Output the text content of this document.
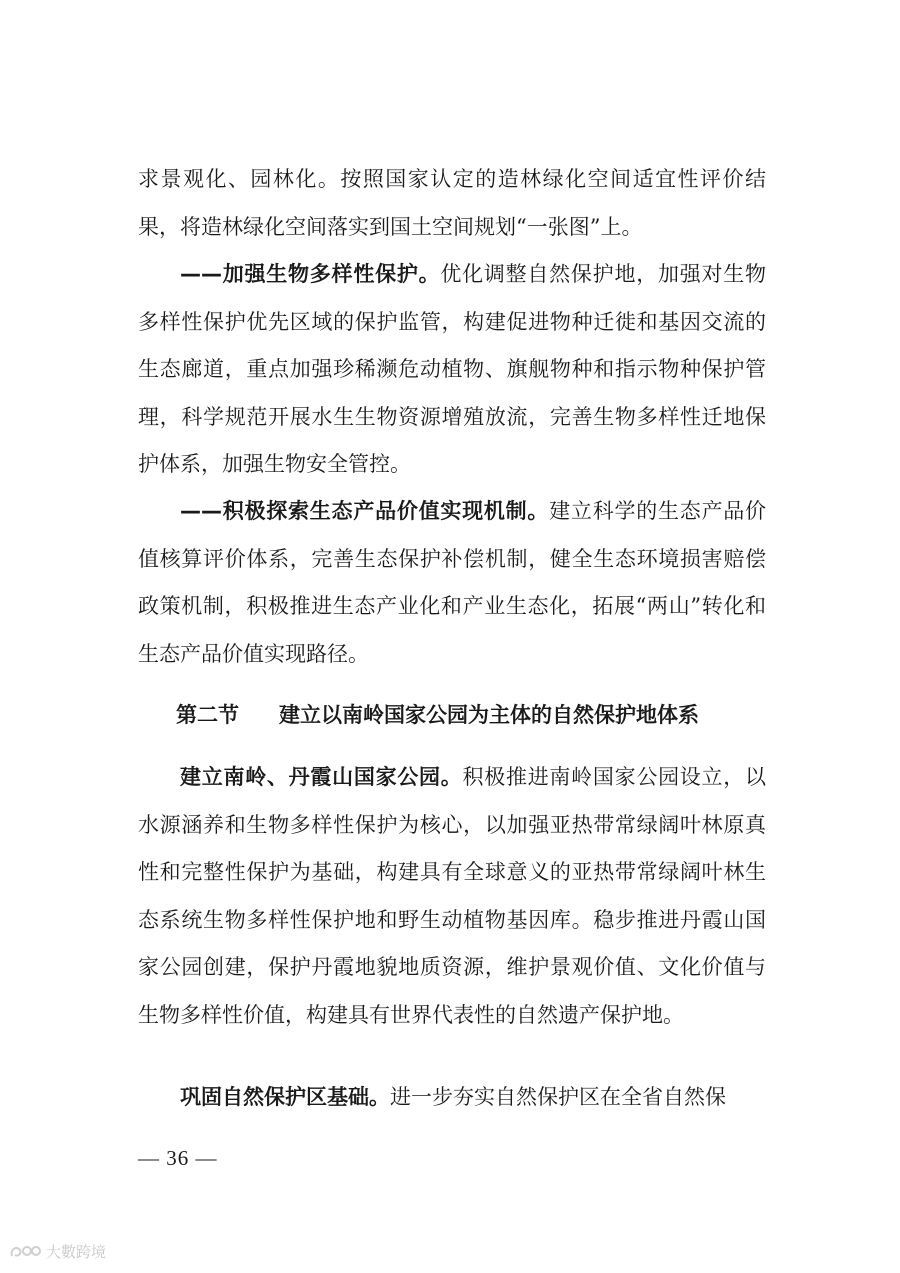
求景观化、园林化。按照国家认定的造林绿化空间适宜性评价结果，将造林绿化空间落实到国土空间规划“一张图”上。

——加强生物多样性保护。优化调整自然保护地，加强对生物多样性保护优先区域的保护监管，构建促进物种迁徙和基因交流的生态廊道，重点加强珍稀濒危动植物、旗舰物种和指示物种保护管理，科学规范开展水生生物资源增殖放流，完善生物多样性迁地保护体系，加强生物安全管控。

——积极探索生态产品价值实现机制。建立科学的生态产品价值核算评价体系，完善生态保护补偿机制，健全生态环境损害赔偿政策机制，积极推进生态产业化和产业生态化，拓展“两山”转化和生态产品价值实现路径。

第二节 建立以南岭国家公园为主体的自然保护地体系

建立南岭、丹霞山国家公园。积极推进南岭国家公园设立，以水源涵养和生物多样性保护为核心，以加强亚热带常绿阔叶林原真性和完整性保护为基础，构建具有全球意义的亚热带常绿阔叶林生态系统生物多样性保护地和野生动植物基因库。稳步推进丹霞山国家公园创建，保护丹霞地貌地质资源，维护景观价值、文化价值与生物多样性价值，构建具有世界代表性的自然遗产保护地。

巩固自然保护区基础。进一步夯实自然保护区在全省自然保

— 36 —
大數跨境
